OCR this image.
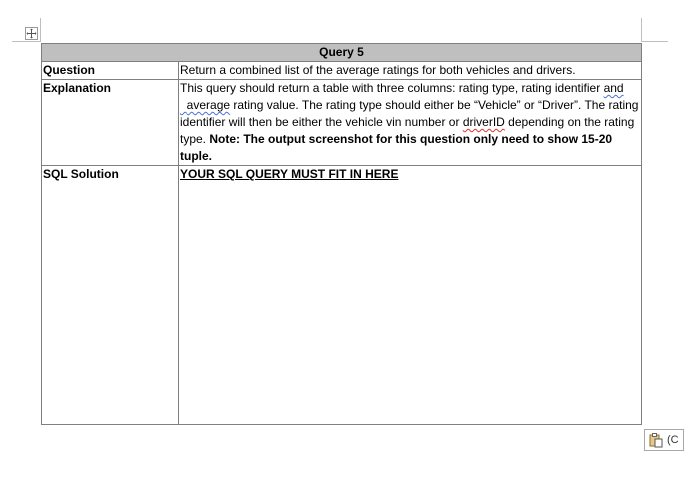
Query 5	
Question	Return a combined list of the average ratings for both vehicles and drivers.
Explanation	This query should return a table with three columns: rating type, rating identifier and  average rating value. The rating type should either be “Vehicle” or “Driver”. The rating identifier will then be either the vehicle vin number or driverID depending on the rating type. Note: The output screenshot for this question only need to show 15-20 tuple.
SQL Solution	YOUR SQL QUERY MUST FIT IN HERE
(C
